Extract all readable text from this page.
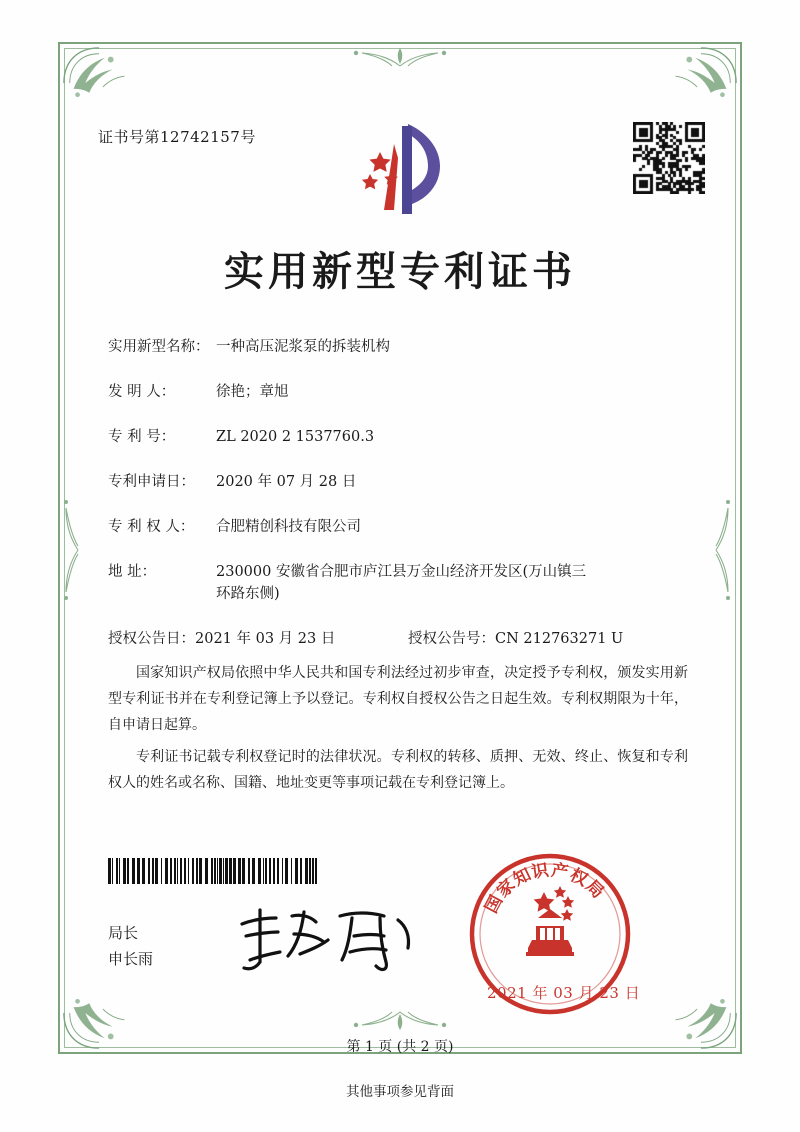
证书号第12742157号
实用新型专利证书
实用新型名称： 一种高压泥浆泵的拆装机构
发 明 人：	徐艳；章旭
专 利 号：	ZL 2020 2 1537760.3
专利申请日：	2020 年 07 月 28 日
专 利 权 人：	合肥精创科技有限公司
地 址：	230000 安徽省合肥市庐江县万金山经济开发区(万山镇三
环路东侧)
授权公告日：2021 年 03 月 23 日	授权公告号：CN 212763271 U

国家知识产权局依照中华人民共和国专利法经过初步审查，决定授予专利权，颁发实用新型专利证书并在专利登记簿上予以登记。专利权自授权公告之日起生效。专利权期限为十年，自申请日起算。

专利证书记载专利权登记时的法律状况。专利权的转移、质押、无效、终止、恢复和专利权人的姓名或名称、国籍、地址变更等事项记载在专利登记簿上。

局长
申长雨
国
家
知
识 产
权
局
2021 年 03 月 23 日
第 1 页 (共 2 页)
其他事项参见背面
